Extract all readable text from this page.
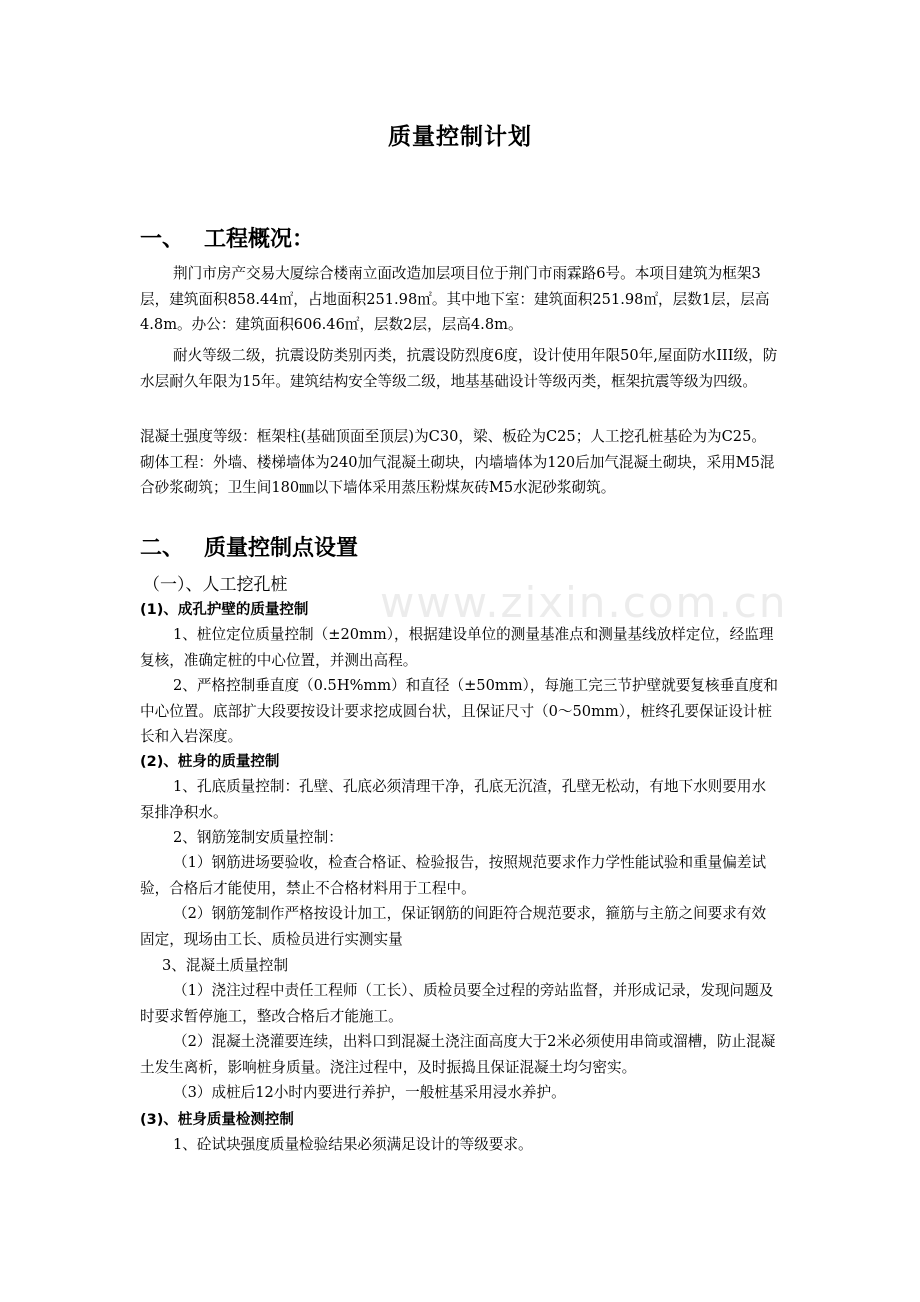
www.zixin.com.cn
质量控制计划
一、 工程概况：
荆门市房产交易大厦综合楼南立面改造加层项目位于荆门市雨霖路6号。本项目建筑为框架3层，建筑面积858.44㎡，占地面积251.98㎡。其中地下室：建筑面积251.98㎡，层数1层，层高4.8m。办公：建筑面积606.46㎡，层数2层，层高4.8m。
耐火等级二级，抗震设防类别丙类，抗震设防烈度6度，设计使用年限50年,屋面防水III级，防水层耐久年限为15年。建筑结构安全等级二级，地基基础设计等级丙类，框架抗震等级为四级。
混凝土强度等级：框架柱(基础顶面至顶层)为C30，梁、板砼为C25；人工挖孔桩基砼为为C25。砌体工程：外墙、楼梯墙体为240加气混凝土砌块，内墙墙体为120后加气混凝土砌块，采用M5混合砂浆砌筑；卫生间180㎜以下墙体采用蒸压粉煤灰砖M5水泥砂浆砌筑。
二、 质量控制点设置
（一）、人工挖孔桩
(1)、成孔护壁的质量控制
1、桩位定位质量控制（±20mm），根据建设单位的测量基准点和测量基线放样定位，经监理复核，准确定桩的中心位置，并测出高程。
2、严格控制垂直度（0.5H%mm）和直径（±50mm），每施工完三节护壁就要复核垂直度和中心位置。底部扩大段要按设计要求挖成圆台状，且保证尺寸（0～50mm），桩终孔要保证设计桩长和入岩深度。
(2)、桩身的质量控制
1、孔底质量控制：孔壁、孔底必须清理干净，孔底无沉渣，孔壁无松动，有地下水则要用水泵排净积水。
2、钢筋笼制安质量控制：
（1）钢筋进场要验收，检查合格证、检验报告，按照规范要求作力学性能试验和重量偏差试验，合格后才能使用，禁止不合格材料用于工程中。
（2）钢筋笼制作严格按设计加工，保证钢筋的间距符合规范要求，箍筋与主筋之间要求有效固定，现场由工长、质检员进行实测实量
3、混凝土质量控制
（1）浇注过程中责任工程师（工长）、质检员要全过程的旁站监督，并形成记录，发现问题及时要求暂停施工，整改合格后才能施工。
（2）混凝土浇灌要连续，出料口到混凝土浇注面高度大于2米必须使用串筒或溜槽，防止混凝土发生离析，影响桩身质量。浇注过程中，及时振捣且保证混凝土均匀密实。
（3）成桩后12小时内要进行养护，一般桩基采用浸水养护。
(3)、桩身质量检测控制
1、砼试块强度质量检验结果必须满足设计的等级要求。
